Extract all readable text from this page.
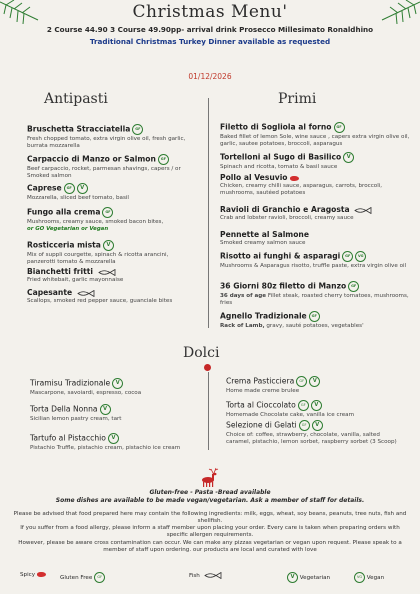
Christmas Menu'
2 Course 44.90 3 Course 49.90pp- arrival drink Prosecco Millesimato Ronaldhino
Traditional Christmas Turkey Dinner available as requested
01/12/2026
Antipasti	Primi
Bruschetta Stracciatella GF
Fresh chopped tomato, extra virgin olive oil, fresh garlic, burrata mozzarella
Carpaccio di Manzo or Salmon GF
Beef carpaccio, rocket, parmesan shavings, capers / or Smoked salmon
Caprese GF V
Mozzarella, sliced beef tomato, basil
Fungo alla crema GF
Mushrooms, creamy sauce, smoked bacon bites,
or GO Vegetarian or Vegan
Rosticceria mista V
Mix of suppli courgette, spinach & ricotta arancini, panzerotti tomato & mozzarella
Bianchetti fritti
Fried whitebait, garlic mayonnaise
Capesante
Scallops, smoked red pepper sauce, guanciale bites
Filetto di Sogliola al forno GF
Baked fillet of lemon Sole, wine sauce , capers extra virgin olive oil, garlic, sautee potatoes, broccoli, asparagus
Tortelloni al Sugo di Basilico V
Spinach and ricotta, tomato & basil sauce
Pollo al Vesuvio
Chicken, creamy chilli sauce, asparagus, carrots, broccoli, mushrooms, sautéed potatoes
Ravioli di Granchio e Aragosta
Crab and lobster ravioli, broccoli, creamy sauce
Pennette al Salmone
Smoked creamy salmon sauce
Risotto ai funghi & asparagi GF VG
Mushrooms & Asparagus risotto, truffle paste, extra virgin olive oil
36 Giorni 80z filetto di Manzo GF
36 days of age Fillet steak, roasted cherry tomatoes, mushrooms, fries
Agnello Tradizionale GF
Rack of Lamb, gravy, sauté potatoes, vegetables'
Dolci
Tiramisu Tradizionale V
Mascarpone, savoiardi, espresso, cocoa
Torta Della Nonna V
Sicilian lemon pastry cream, tart
Tartufo al Pistacchio V
Pistachio Truffle, pistachio cream, pistachio ice cream
Crema Pasticciera GF V
Home made creme brulee
Torta al Cioccolato GF V
Homemade Chocolate cake, vanilla ice cream
Selezione di Gelati GF V
Choice of: coffee, strawberry, chocolate, vanilla, salted caramel, pistachio, lemon sorbet, raspberry sorbet (3 Scoop)
Gluten-free - Pasta -Bread available
Some dishes are available to be made vegan/vegetarian. Ask a member of staff for details.
Please be advised that food prepared here may contain the following ingredients: milk, eggs, wheat, soy beans, peanuts, tree nuts, fish and shellfish.
If you suffer from a food allergy, please inform a staff member upon placing your order. Every care is taken when preparing orders with specific allergen requirements.
However, please be aware cross contamination can occur. We can make any pizzas vegetarian or vegan upon request. Please speak to a member of staff upon ordering. our products are local and curated with love
Spicy	Gluten Free GF	Fish	V Vegetarian	VG Vegan
